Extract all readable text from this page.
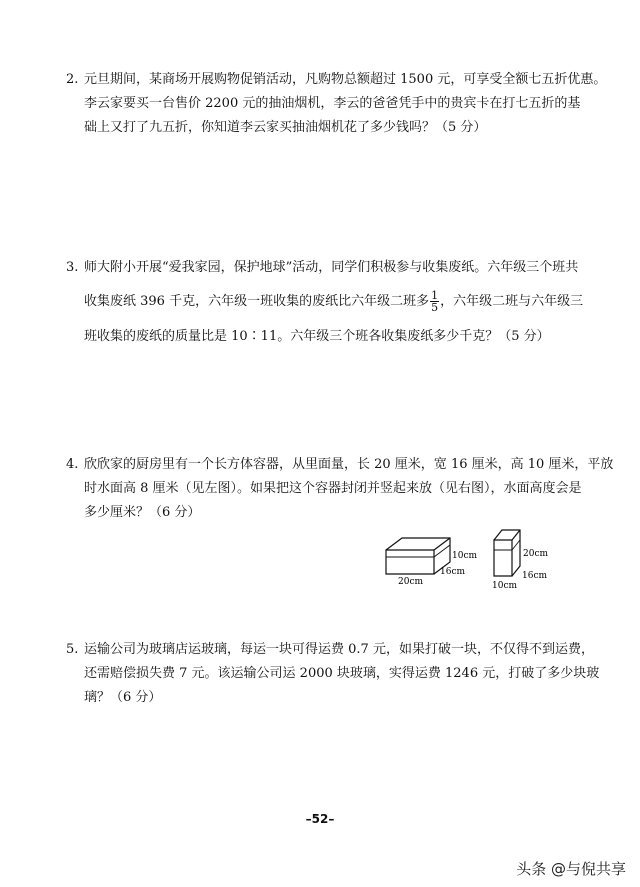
2. 元旦期间，某商场开展购物促销活动，凡购物总额超过 1500 元，可享受全额七五折优惠。
李云家要买一台售价 2200 元的抽油烟机，李云的爸爸凭手中的贵宾卡在打七五折的基
础上又打了九五折，你知道李云家买抽油烟机花了多少钱吗？（5 分）
3. 师大附小开展“爱我家园，保护地球”活动，同学们积极参与收集废纸。六年级三个班共
收集废纸 396 千克，六年级一班收集的废纸比六年级二班多 $\frac{1}{5}$ ，六年级二班与六年级三
班收集的废纸的质量比是 10∶11。六年级三个班各收集废纸多少千克？（5 分）
4. 欣欣家的厨房里有一个长方体容器，从里面量，长 20 厘米，宽 16 厘米，高 10 厘米，平放
时水面高 8 厘米（见左图）。如果把这个容器封闭并竖起来放（见右图），水面高度会是
多少厘米？（6 分）
10cm
16cm
20cm
20cm
16cm
10cm
5. 运输公司为玻璃店运玻璃，每运一块可得运费 0.7 元，如果打破一块，不仅得不到运费，
还需赔偿损失费 7 元。该运输公司运 2000 块玻璃，实得运费 1246 元，打破了多少块玻
璃？（6 分）
–52–
头条 @与倪共享
